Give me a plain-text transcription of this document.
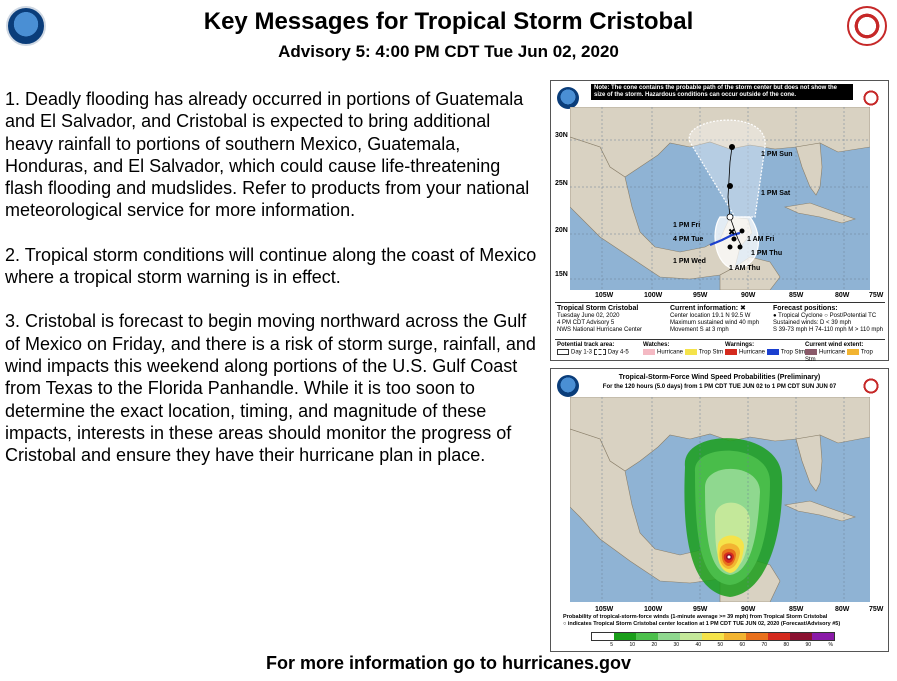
Key Messages for Tropical Storm Cristobal
Advisory 5: 4:00 PM CDT Tue Jun 02, 2020

1. Deadly flooding has already occurred in portions of Guatemala and El Salvador, and Cristobal is expected to bring additional heavy rainfall to portions of southern Mexico, Guatemala, Honduras, and El Salvador, which could cause life-threatening flash flooding and mudslides. Refer to products from your national meteorological service for more information.

2. Tropical storm conditions will continue along the coast of Mexico where a tropical storm warning is in effect.

3. Cristobal is forecast to begin moving northward across the Gulf of Mexico on Friday, and there is a risk of storm surge, rainfall, and wind impacts this weekend along portions of the U.S. Gulf Coast from Texas to the Florida Panhandle. While it is too soon to determine the exact location, timing, and magnitude of these impacts, interests in these areas should monitor the progress of Cristobal and ensure they have their hurricane plan in place.

Note: The cone contains the probable path of the storm center but does not show the size of the storm. Hazardous conditions can occur outside of the cone.
✖
30N
25N
20N
15N
1 PM Sun
1 PM Sat
1 PM Fri
1 AM Fri
4 PM Tue
1 PM Thu
1 PM Wed
1 AM Thu
105W	100W	95W	90W	85W	80W	75W
Tropical Storm Cristobal
Tuesday June 02, 2020
4 PM CDT Advisory 5
NWS National Hurricane Center
Current information: ✖
Center location 19.1 N 92.5 W
Maximum sustained wind 40 mph
Movement S at 3 mph
Forecast positions:
● Tropical Cyclone ○ Post/Potential TC
Sustained winds: D < 39 mph
S 39-73 mph H 74-110 mph M > 110 mph
Potential track area:
Day 1-3	Day 4-5
Watches:
Hurricane	Trop Stm
Warnings:
Hurricane	Trop Stm
Current wind extent:
Hurricane	Trop Stm
Tropical-Storm-Force Wind Speed Probabilities (Preliminary)
For the 120 hours (5.0 days) from 1 PM CDT TUE JUN 02 to 1 PM CDT SUN JUN 07
105W	100W	95W	90W	85W	80W	75W
Probability of tropical-storm-force winds (1-minute average >= 39 mph) from Tropical Storm Cristobal
○ indicates Tropical Storm Cristobal center location at 1 PM CDT TUE JUN 02, 2020 (Forecast/Advisory #5)
5	10	20	30	40	50	60	70	80	90	%
For more information go to hurricanes.gov
